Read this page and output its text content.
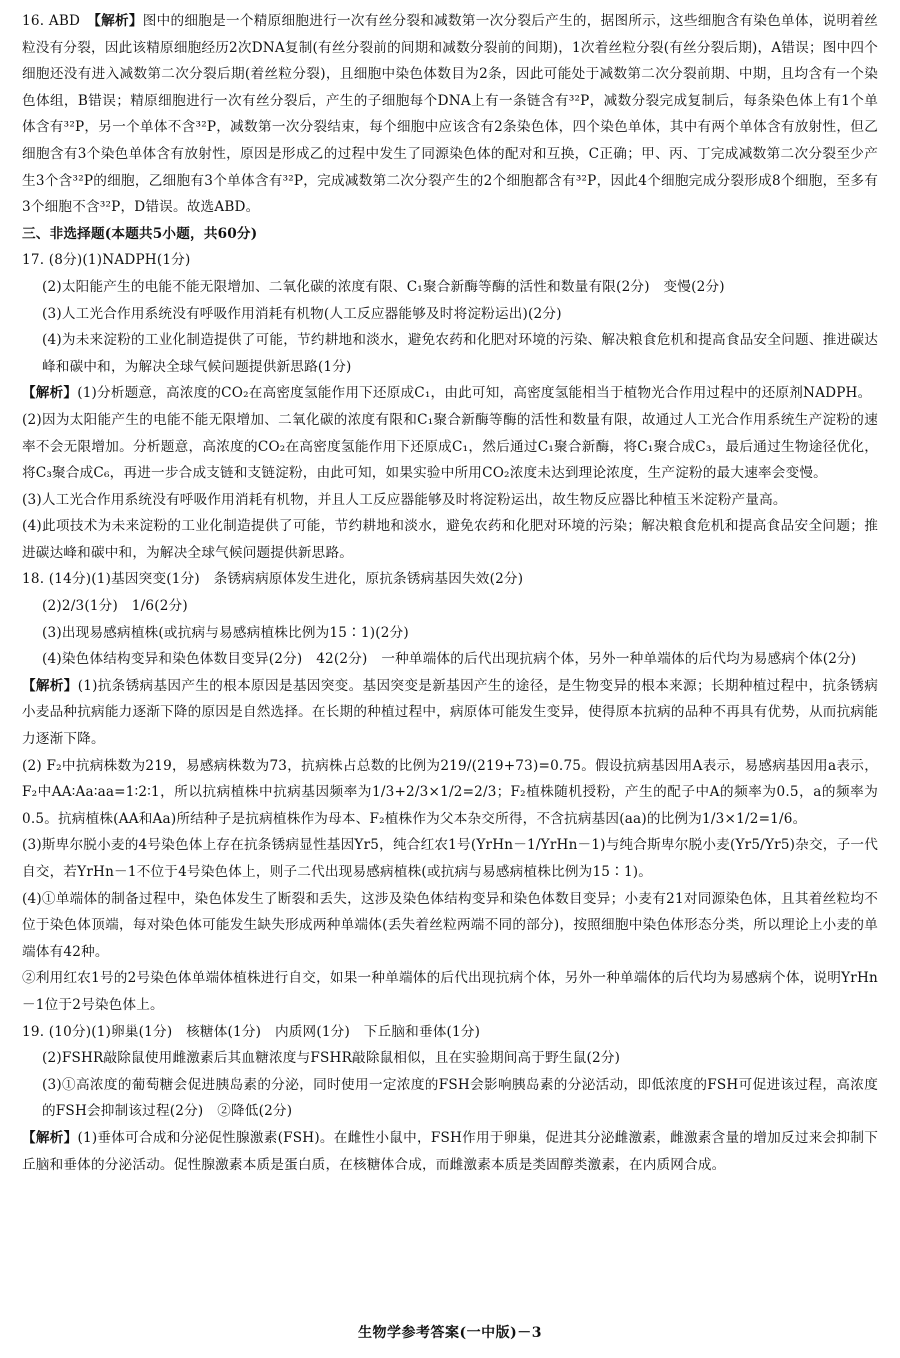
16. ABD　 【解析】图中的细胞是一个精原细胞进行一次有丝分裂和减数第一次分裂后产生的，据图所示，这些细胞含有染色单体，说明着丝粒没有分裂，因此该精原细胞经历2次DNA复制(有丝分裂前的间期和减数分裂前的间期)，1次着丝粒分裂(有丝分裂后期)，A错误；图中四个细胞还没有进入减数第二次分裂后期(着丝粒分裂)，且细胞中染色体数目为2条，因此可能处于减数第二次分裂前期、中期，且均含有一个染色体组，B错误；精原细胞进行一次有丝分裂后，产生的子细胞每个DNA上有一条链含有³²P，减数分裂完成复制后，每条染色体上有1个单体含有³²P，另一个单体不含³²P，减数第一次分裂结束，每个细胞中应该含有2条染色体，四个染色单体，其中有两个单体含有放射性，但乙细胞含有3个染色单体含有放射性，原因是形成乙的过程中发生了同源染色体的配对和互换，C正确；甲、丙、丁完成减数第二次分裂至少产生3个含³²P的细胞，乙细胞有3个单体含有³²P，完成减数第二次分裂产生的2个细胞都含有³²P，因此4个细胞完成分裂形成8个细胞，至多有3个细胞不含³²P，D错误。故选ABD。

三、非选择题(本题共5小题，共60分)

17. (8分)(1)NADPH(1分)

(2)太阳能产生的电能不能无限增加、二氧化碳的浓度有限、C₁聚合新酶等酶的活性和数量有限(2分)　变慢(2分)

(3)人工光合作用系统没有呼吸作用消耗有机物(人工反应器能够及时将淀粉运出)(2分)

(4)为未来淀粉的工业化制造提供了可能，节约耕地和淡水，避免农药和化肥对环境的污染、解决粮食危机和提高食品安全问题、推进碳达峰和碳中和，为解决全球气候问题提供新思路(1分)

【解析】(1)分析题意，高浓度的CO₂在高密度氢能作用下还原成C₁，由此可知，高密度氢能相当于植物光合作用过程中的还原剂NADPH。

(2)因为太阳能产生的电能不能无限增加、二氧化碳的浓度有限和C₁聚合新酶等酶的活性和数量有限，故通过人工光合作用系统生产淀粉的速率不会无限增加。分析题意，高浓度的CO₂在高密度氢能作用下还原成C₁，然后通过C₁聚合新酶，将C₁聚合成C₃，最后通过生物途径优化，将C₃聚合成C₆，再进一步合成支链和支链淀粉，由此可知，如果实验中所用CO₂浓度未达到理论浓度，生产淀粉的最大速率会变慢。

(3)人工光合作用系统没有呼吸作用消耗有机物，并且人工反应器能够及时将淀粉运出，故生物反应器比种植玉米淀粉产量高。

(4)此项技术为未来淀粉的工业化制造提供了可能，节约耕地和淡水，避免农药和化肥对环境的污染；解决粮食危机和提高食品安全问题；推进碳达峰和碳中和，为解决全球气候问题提供新思路。

18. (14分)(1)基因突变(1分)　条锈病病原体发生进化，原抗条锈病基因失效(2分)

(2)2/3(1分)　1/6(2分)

(3)出现易感病植株(或抗病与易感病植株比例为15∶1)(2分)

(4)染色体结构变异和染色体数目变异(2分)　42(2分)　一种单端体的后代出现抗病个体，另外一种单端体的后代均为易感病个体(2分)

【解析】(1)抗条锈病基因产生的根本原因是基因突变。基因突变是新基因产生的途径，是生物变异的根本来源；长期种植过程中，抗条锈病小麦品种抗病能力逐渐下降的原因是自然选择。在长期的种植过程中，病原体可能发生变异，使得原本抗病的品种不再具有优势，从而抗病能力逐渐下降。

(2) F₂中抗病株数为219，易感病株数为73，抗病株占总数的比例为219/(219+73)=0.75。假设抗病基因用A表示，易感病基因用a表示，F₂中AA∶Aa∶aa=1∶2∶1，所以抗病植株中抗病基因频率为1/3+2/3×1/2=2/3；F₂植株随机授粉，产生的配子中A的频率为0.5，a的频率为0.5。抗病植株(AA和Aa)所结种子是抗病植株作为母本、F₂植株作为父本杂交所得，不含抗病基因(aa)的比例为1/3×1/2=1/6。

(3)斯卑尔脱小麦的4号染色体上存在抗条锈病显性基因Yr5，纯合红农1号(YrHn－1/YrHn－1)与纯合斯卑尔脱小麦(Yr5/Yr5)杂交，子一代自交，若YrHn－1不位于4号染色体上，则子二代出现易感病植株(或抗病与易感病植株比例为15∶1)。

(4)①单端体的制备过程中，染色体发生了断裂和丢失，这涉及染色体结构变异和染色体数目变异；小麦有21对同源染色体，且其着丝粒均不位于染色体顶端，每对染色体可能发生缺失形成两种单端体(丢失着丝粒两端不同的部分)，按照细胞中染色体形态分类，所以理论上小麦的单端体有42种。

②利用红农1号的2号染色体单端体植株进行自交，如果一种单端体的后代出现抗病个体，另外一种单端体的后代均为易感病个体，说明YrHn－1位于2号染色体上。

19. (10分)(1)卵巢(1分)　核糖体(1分)　内质网(1分)　下丘脑和垂体(1分)

(2)FSHR敲除鼠使用雌激素后其血糖浓度与FSHR敲除鼠相似，且在实验期间高于野生鼠(2分)

(3)①高浓度的葡萄糖会促进胰岛素的分泌，同时使用一定浓度的FSH会影响胰岛素的分泌活动，即低浓度的FSH可促进该过程，高浓度的FSH会抑制该过程(2分)　②降低(2分)

【解析】(1)垂体可合成和分泌促性腺激素(FSH)。在雌性小鼠中，FSH作用于卵巢，促进其分泌雌激素，雌激素含量的增加反过来会抑制下丘脑和垂体的分泌活动。促性腺激素本质是蛋白质，在核糖体合成，而雌激素本质是类固醇类激素，在内质网合成。

生物学参考答案(一中版)－3
